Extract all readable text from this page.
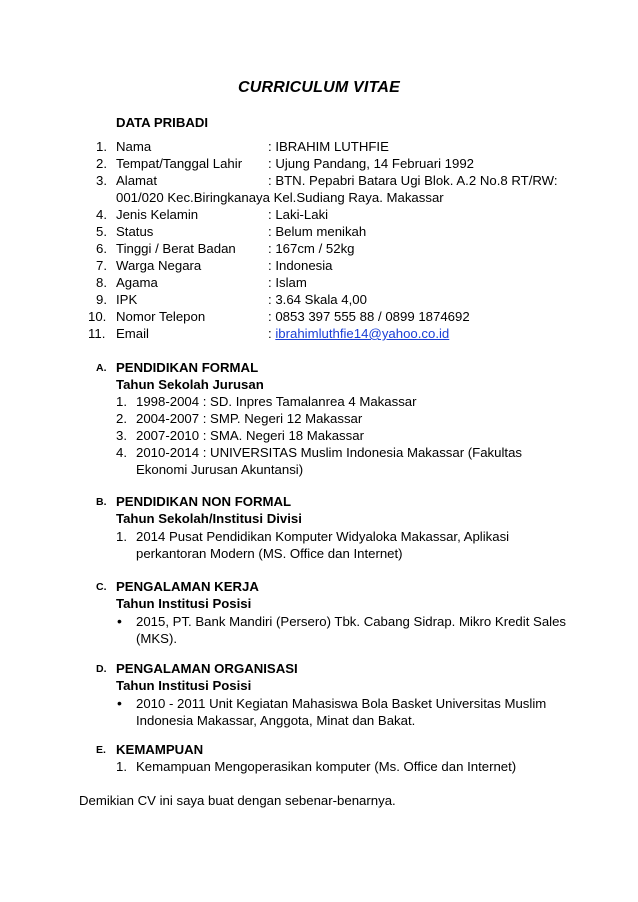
CURRICULUM VITAE
DATA PRIBADI
1. Nama	: IBRAHIM LUTHFIE
2. Tempat/Tanggal Lahir : Ujung Pandang, 14 Februari 1992
3. Alamat	: BTN. Pepabri Batara Ugi Blok. A.2 No.8 RT/RW:
001/020 Kec.Biringkanaya Kel.Sudiang Raya. Makassar
4. Jenis Kelamin	: Laki-Laki
5. Status	: Belum menikah
6. Tinggi / Berat Badan : 167cm / 52kg
7. Warga Negara	: Indonesia
8. Agama	: Islam
9. IPK	: 3.64 Skala 4,00
10. Nomor Telepon	: 0853 397 555 88 / 0899 1874692
11. Email	: ibrahimluthfie14@yahoo.co.id
A. PENDIDIKAN FORMAL
Tahun Sekolah Jurusan
1. 1998-2004 : SD. Inpres Tamalanrea 4 Makassar
2. 2004-2007 : SMP. Negeri 12 Makassar
3. 2007-2010 : SMA. Negeri 18 Makassar
4. 2010-2014 : UNIVERSITAS Muslim Indonesia Makassar (Fakultas
Ekonomi Jurusan Akuntansi)
B. PENDIDIKAN NON FORMAL
Tahun Sekolah/Institusi Divisi
1. 2014 Pusat Pendidikan Komputer Widyaloka Makassar, Aplikasi
perkantoran Modern (MS. Office dan Internet)
C. PENGALAMAN KERJA
Tahun Institusi Posisi
• 2015, PT. Bank Mandiri (Persero) Tbk. Cabang Sidrap. Mikro Kredit Sales
(MKS).
D. PENGALAMAN ORGANISASI
Tahun Institusi Posisi
• 2010 - 2011 Unit Kegiatan Mahasiswa Bola Basket Universitas Muslim
Indonesia Makassar, Anggota, Minat dan Bakat.
E. KEMAMPUAN
1. Kemampuan Mengoperasikan komputer (Ms. Office dan Internet)
Demikian CV ini saya buat dengan sebenar-benarnya.
